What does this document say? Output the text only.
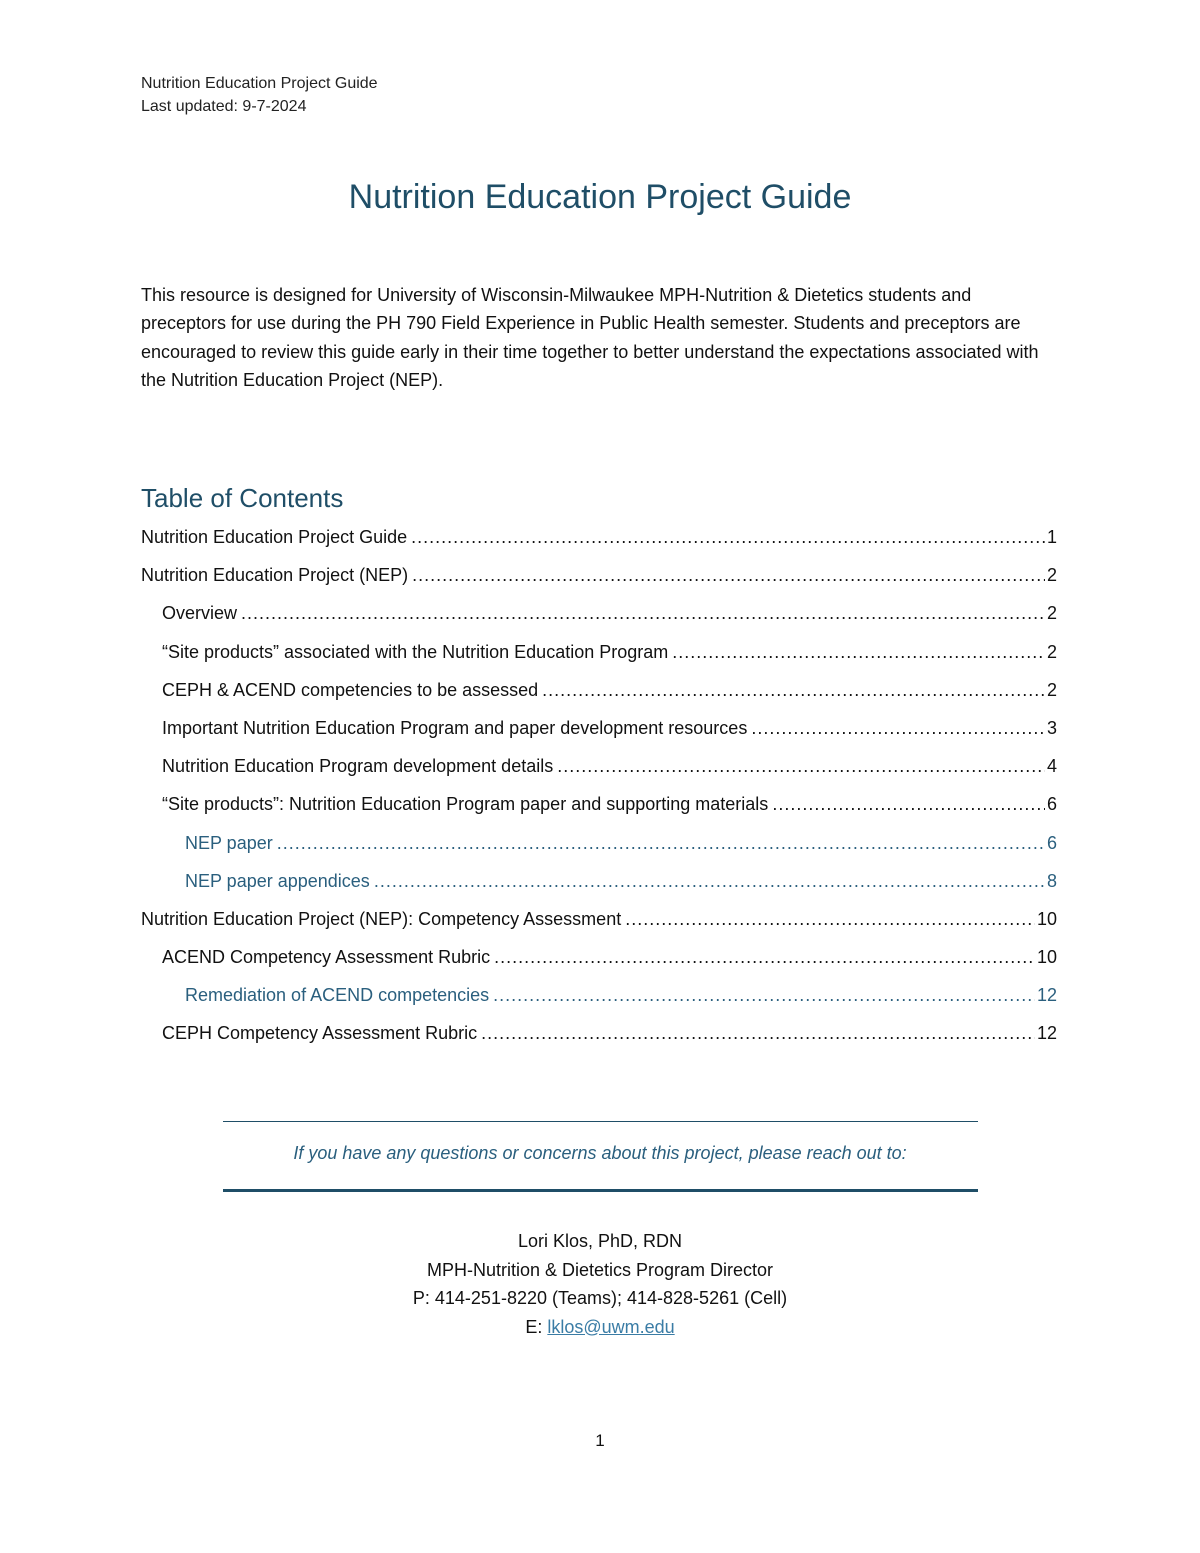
Nutrition Education Project Guide
Last updated: 9-7-2024
Nutrition Education Project Guide

This resource is designed for University of Wisconsin-Milwaukee MPH-Nutrition & Dietetics students and preceptors for use during the PH 790 Field Experience in Public Health semester. Students and preceptors are encouraged to review this guide early in their time together to better understand the expectations associated with the Nutrition Education Project (NEP).

Table of Contents
Nutrition Education Project Guide .....	1
Nutrition Education Project (NEP) .....	2
Overview .....	2
“Site products” associated with the Nutrition Education Program .....	2
CEPH & ACEND competencies to be assessed .....	2
Important Nutrition Education Program and paper development resources .....	3
Nutrition Education Program development details .....	4
“Site products”: Nutrition Education Program paper and supporting materials .....	6
NEP paper .....	6
NEP paper appendices .....	8
Nutrition Education Project (NEP): Competency Assessment .....	10
ACEND Competency Assessment Rubric .....	10
Remediation of ACEND competencies .....	12
CEPH Competency Assessment Rubric .....	12
If you have any questions or concerns about this project, please reach out to:
Lori Klos, PhD, RDN
MPH-Nutrition & Dietetics Program Director
P: 414-251-8220 (Teams); 414-828-5261 (Cell)
E: lklos@uwm.edu
1
